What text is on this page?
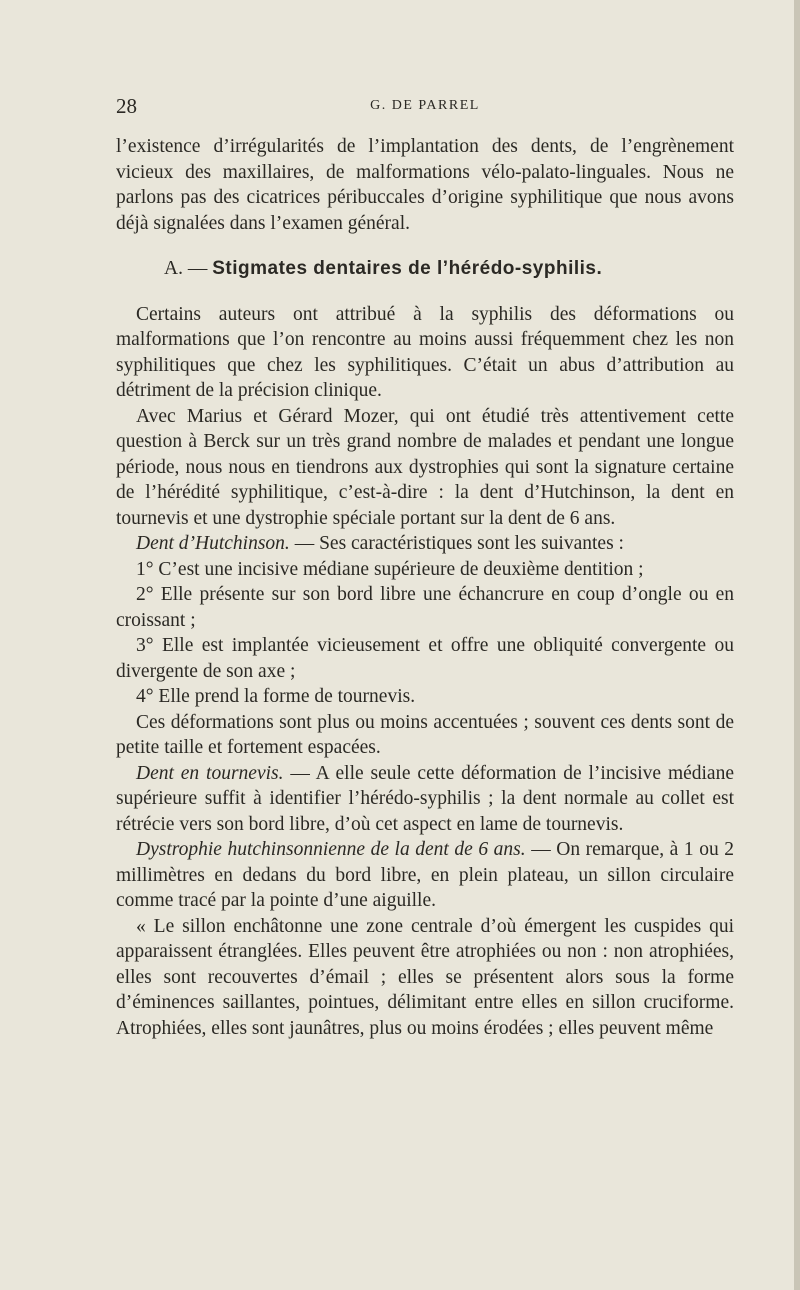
28	G. DE PARREL

l’existence d’irrégularités de l’implantation des dents, de l’engrènement vicieux des maxillaires, de malformations vélo-palato-linguales. Nous ne parlons pas des cicatrices péribuccales d’origine syphilitique que nous avons déjà signalées dans l’examen général.

A. — Stigmates dentaires de l’hérédo-syphilis.

Certains auteurs ont attribué à la syphilis des déformations ou malformations que l’on rencontre au moins aussi fréquemment chez les non syphilitiques que chez les syphilitiques. C’était un abus d’attribution au détriment de la précision clinique.

Avec Marius et Gérard Mozer, qui ont étudié très attentivement cette question à Berck sur un très grand nombre de malades et pendant une longue période, nous nous en tiendrons aux dystrophies qui sont la signature certaine de l’hérédité syphilitique, c’est-à-dire : la dent d’Hutchinson, la dent en tournevis et une dystrophie spéciale portant sur la dent de 6 ans.

Dent d’Hutchinson. — Ses caractéristiques sont les suivantes :

1° C’est une incisive médiane supérieure de deuxième dentition ;

2° Elle présente sur son bord libre une échancrure en coup d’ongle ou en croissant ;

3° Elle est implantée vicieusement et offre une obliquité convergente ou divergente de son axe ;

4° Elle prend la forme de tournevis.

Ces déformations sont plus ou moins accentuées ; souvent ces dents sont de petite taille et fortement espacées.

Dent en tournevis. — A elle seule cette déformation de l’incisive médiane supérieure suffit à identifier l’hérédo-syphilis ; la dent normale au collet est rétrécie vers son bord libre, d’où cet aspect en lame de tournevis.

Dystrophie hutchinsonnienne de la dent de 6 ans. — On remarque, à 1 ou 2 millimètres en dedans du bord libre, en plein plateau, un sillon circulaire comme tracé par la pointe d’une aiguille.

« Le sillon enchâtonne une zone centrale d’où émergent les cuspides qui apparaissent étranglées. Elles peuvent être atrophiées ou non : non atrophiées, elles sont recouvertes d’émail ; elles se présentent alors sous la forme d’éminences saillantes, pointues, délimitant entre elles en sillon cruciforme. Atrophiées, elles sont jaunâtres, plus ou moins érodées ; elles peuvent même
